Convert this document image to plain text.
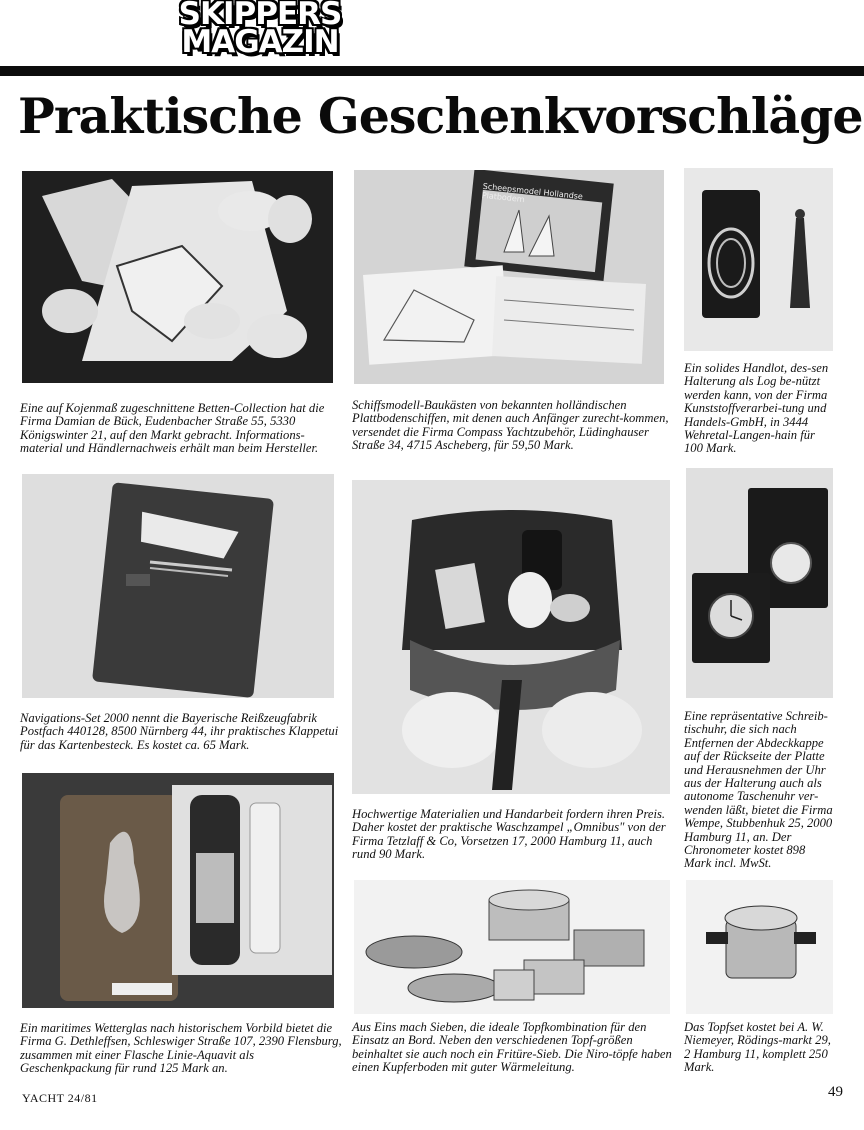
SKIPPERS
MAGAZIN
Praktische Geschenkvorschläge
Scheepsmodel Hollandse Platbodem
Eine auf Kojenmaß zugeschnittene Betten-Collection hat die Firma Damian de Bück, Eudenbacher Straße 55, 5330 Königswinter 21, auf den Markt gebracht. Informations-material und Händlernachweis erhält man beim Hersteller.
Schiffsmodell-Baukästen von bekannten holländischen Plattbodenschiffen, mit denen auch Anfänger zurecht-kommen, versendet die Firma Compass Yachtzubehör, Lüdinghauser Straße 34, 4715 Ascheberg, für 59,50 Mark.
Ein solides Handlot, des-sen Halterung als Log be-nützt werden kann, von der Firma Kunststoffverarbei-tung und Handels-GmbH, in 3444 Wehretal-Langen-hain für 100 Mark.
Navigations-Set 2000 nennt die Bayerische Reißzeugfabrik Postfach 440128, 8500 Nürnberg 44, ihr praktisches Klappetui für das Kartenbesteck. Es kostet ca. 65 Mark.
Eine repräsentative Schreib-tischuhr, die sich nach Entfernen der Abdeckkappe auf der Rückseite der Platte und Herausnehmen der Uhr aus der Halterung auch als autonome Taschenuhr ver-wenden läßt, bietet die Firma Wempe, Stubbenhuk 25, 2000 Hamburg 11, an. Der Chronometer kostet 898 Mark incl. MwSt.
Hochwertige Materialien und Handarbeit fordern ihren Preis. Daher kostet der praktische Waschzampel „Omnibus" von der Firma Tetzlaff & Co, Vorsetzen 17, 2000 Hamburg 11, auch rund 90 Mark.
Ein maritimes Wetterglas nach historischem Vorbild bietet die Firma G. Dethleffsen, Schleswiger Straße 107, 2390 Flensburg, zusammen mit einer Flasche Linie-Aquavit als Geschenkpackung für rund 125 Mark an.
Aus Eins mach Sieben, die ideale Topfkombination für den Einsatz an Bord. Neben den verschiedenen Topf-größen beinhaltet sie auch noch ein Fritüre-Sieb. Die Niro-töpfe haben einen Kupferboden mit guter Wärmeleitung.
Das Topfset kostet bei A. W. Niemeyer, Rödings-markt 29, 2 Hamburg 11, komplett 250 Mark.
YACHT 24/81	49
